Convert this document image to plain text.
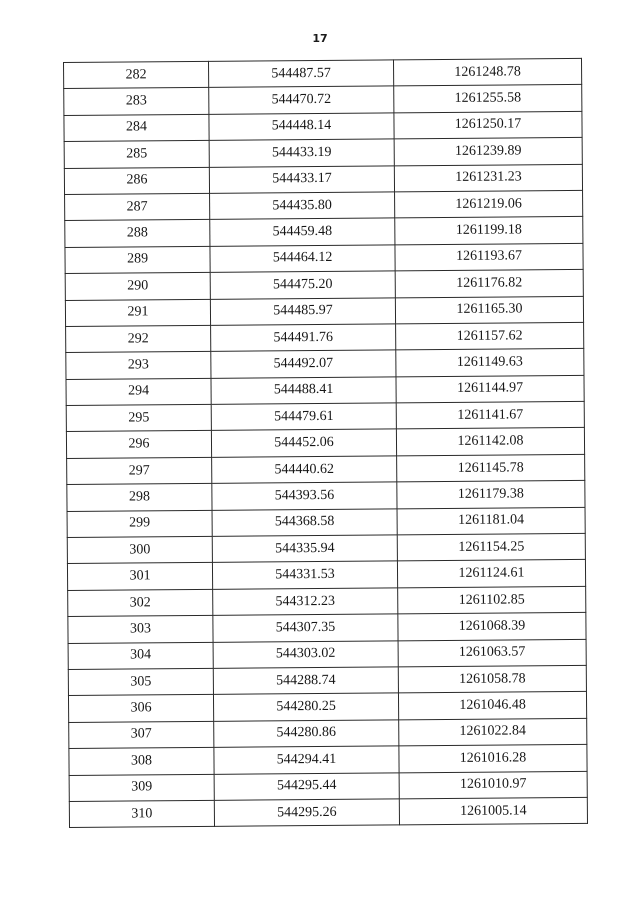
17
282	544487.57	1261248.78
283	544470.72	1261255.58
284	544448.14	1261250.17
285	544433.19	1261239.89
286	544433.17	1261231.23
287	544435.80	1261219.06
288	544459.48	1261199.18
289	544464.12	1261193.67
290	544475.20	1261176.82
291	544485.97	1261165.30
292	544491.76	1261157.62
293	544492.07	1261149.63
294	544488.41	1261144.97
295	544479.61	1261141.67
296	544452.06	1261142.08
297	544440.62	1261145.78
298	544393.56	1261179.38
299	544368.58	1261181.04
300	544335.94	1261154.25
301	544331.53	1261124.61
302	544312.23	1261102.85
303	544307.35	1261068.39
304	544303.02	1261063.57
305	544288.74	1261058.78
306	544280.25	1261046.48
307	544280.86	1261022.84
308	544294.41	1261016.28
309	544295.44	1261010.97
310	544295.26	1261005.14
